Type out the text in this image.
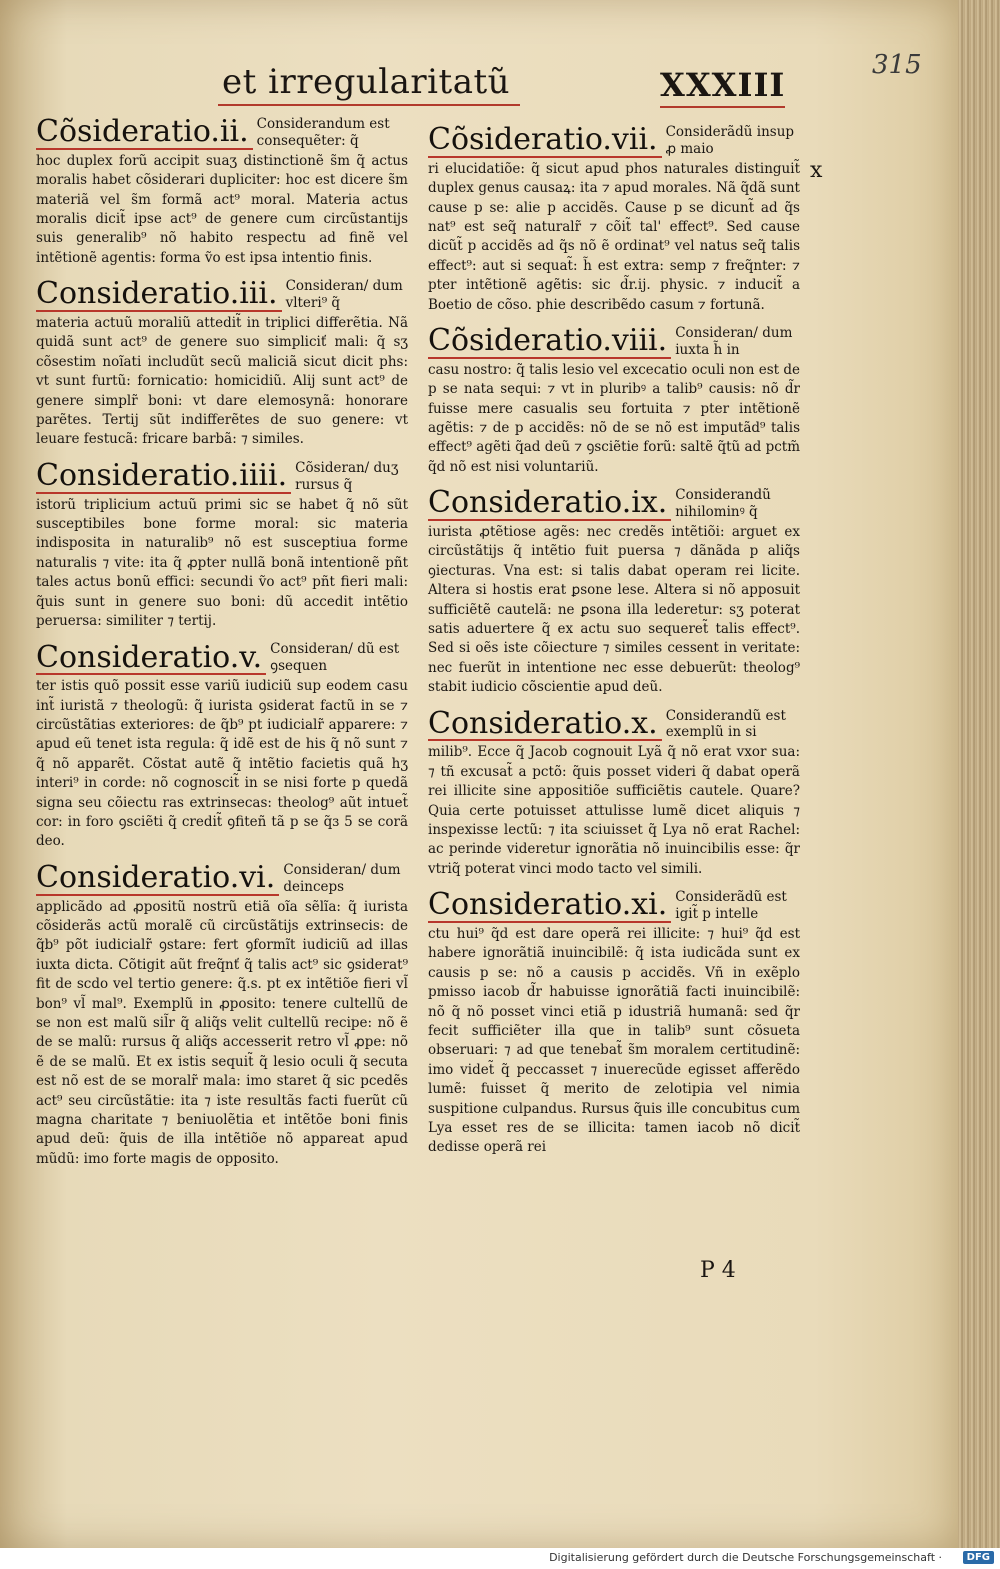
et irregularitatũ	XXXIII
315
x
Cõsideratio.ii. Considerandum est consequẽter: q̃

hoc duplex forũ accipit suaʒ distinctionẽ s̃m q̃ actus moralis habet cõsiderari dupliciter: hoc est dicere s̃m materiã vel s̃m formã act⁹ moral. Materia actus moralis dicit̃ ipse act⁹ de genere cum circũstantijs suis generalib⁹ nõ habito respectu ad finẽ vel intẽtionẽ agentis: forma ṽo est ipsa intentio finis.

Consideratio.iii. Consideran/ dum vlteri⁹ q̃

materia actuũ moraliũ attedit̃ in triplici differẽtia. Nã quidã sunt act⁹ de genere suo simpliciť mali: q̃ sʒ cõsestim noĩati includũt secũ maliciã sicut dicit phs: vt sunt furtũ: fornicatio: homicidiũ. Alij sunt act⁹ de genere simplr̃ boni: vt dare elemosynã: honorare parẽtes. Tertij sũt indifferẽtes de suo genere: vt leuare festucã: fricare barbã: ⁊ similes.

Consideratio.iiii. Cõsideran/ duʒ rursus q̃

istorũ triplicium actuũ primi sic se habet q̃ nõ sũt susceptibiles bone forme moral: sic materia indisposita in naturalib⁹ nõ est susceptiua forme naturalis ⁊ vite: ita q̃ ꝓpter nullã bonã intentionẽ pñt tales actus bonũ effici: secundi ṽo act⁹ pñt fieri mali: q̃uis sunt in genere suo boni: dũ accedit intẽtio peruersa: similiter ⁊ tertij.

Consideratio.v. Consideran/ dũ est ꝯsequen

ter istis quõ possit esse variũ iudiciũ sup eodem casu int̃ iuristã ⁊ theologũ: q̃ iurista ꝯsiderat factũ in se ⁊ circũstãtias exteriores: de q̃b⁹ pt iudicialr̃ apparere: ⁊ apud eũ tenet ista regula: q̃ idẽ est de his q̃ nõ sunt ⁊ q̃ nõ apparẽt. Cõstat autẽ q̃ intẽtio facietis quã hʒ interi⁹ in corde: nõ cognoscit̃ in se nisi forte p quedã signa seu cõiectu ras extrinsecas: theolog⁹ aũt intuet̃ cor: in foro ꝯsciẽti q̃ credit̃ ꝯfiteñ tã p se q̃ɜ 5 se corã deo.

Consideratio.vi. Consideran/ dum deinceps

applicãdo ad ꝓpositũ nostrũ etiã oĩa sẽlĩa: q̃ iurista cõsiderãs actũ moralẽ cũ circũstãtijs extrinsecis: de q̃b⁹ põt iudicialr̃ ꝯstare: fert ꝯformĩt iudiciũ ad illas iuxta dicta. Cõtigit aũt freq̃nť q̃ talis act⁹ sic ꝯsiderat⁹ fit de scdo vel tertio genere: q̃.s. pt ex intẽtiõe fieri vl̃ bon⁹ vl̃ mal⁹. Exemplũ in ꝓposito: tenere cultellũ de se non est malũ sil̃r q̃ aliq̃s velit cultellũ recipe: nõ ẽ de se malũ: rursus q̃ aliq̃s accesserit retro vl̃ ꝓpe: nõ ẽ de se malũ. Et ex istis sequit̃ q̃ lesio oculi q̃ secuta est nõ est de se moralr̃ mala: imo staret q̃ sic pcedẽs act⁹ seu circũstãtie: ita ⁊ iste resultãs facti fuerũt cũ magna charitate ⁊ beniuolẽtia et intẽtõe boni finis apud deũ: q̃uis de illa intẽtiõe nõ appareat apud mũdũ: imo forte magis de opposito.

Cõsideratio.vii. Considerãdũ insup ꝓ maio

ri elucidatiõe: q̃ sicut apud phos naturales distinguit̃ duplex genus causaꝝ: ita ⁊ apud morales. Nã q̃dã sunt cause p se: alie p accidẽs. Cause p se dicunt̃ ad q̃s nat⁹ est seq̃ naturalr̃ ⁊ cõit̃ tal' effect⁹. Sed cause dicũt̃ p accidẽs ad q̃s nõ ẽ ordinat⁹ vel natus seq̃ talis effect⁹: aut si sequat̃: h̃ est extra: semp ⁊ freq̃nter: ⁊ pter intẽtionẽ agẽtis: sic d̃r.ij. physic. ⁊ inducit̃ a Boetio de cõso. phie describẽdo casum ⁊ fortunã.

Cõsideratio.viii. Consideran/ dum iuxta h̃ in

casu nostro: q̃ talis lesio vel excecatio oculi non est de p se nata sequi: ⁊ vt in pluribꝰ a talib⁹ causis: nõ d̃r fuisse mere casualis seu fortuita ⁊ pter intẽtionẽ agẽtis: ⁊ de p accidẽs: nõ de se nõ est imputãd⁹ talis effect⁹ agẽti q̃ad deũ ⁊ ꝯsciẽtie forũ: saltẽ q̃tũ ad pctm̃ q̃d nõ est nisi voluntariũ.

Consideratio.ix. Considerandũ nihilominꝰ q̃

iurista ꝓtẽtiose agẽs: nec credẽs intẽtiõi: arguet ex circũstãtijs q̃ intẽtio fuit puersa ⁊ dãnãda p aliq̃s ꝯiecturas. Vna est: si talis dabat operam rei licite. Altera si hostis erat ꝑsone lese. Altera si nõ apposuit sufficiẽtẽ cautelã: ne ꝑsona illa lederetur: sʒ poterat satis aduertere q̃ ex actu suo sequeret̃ talis effect⁹. Sed si oẽs iste cõiecture ⁊ similes cessent in veritate: nec fuerũt in intentione nec esse debuerũt: theolog⁹ stabit iudicio cõscientie apud deũ.

Consideratio.x. Considerandũ est exemplũ in si

milib⁹. Ecce q̃ Jacob cognouit Lyã q̃ nõ erat vxor sua: ⁊ tñ excusat̃ a pctõ: q̃uis posset videri q̃ dabat operã rei illicite sine appositiõe sufficiẽtis cautele. Quare? Quia certe potuisset attulisse lumẽ dicet aliquis ⁊ inspexisse lectũ: ⁊ ita sciuisset q̃ Lya nõ erat Rachel: ac perinde videretur ignorãtia nõ inuincibilis esse: q̃r vtriq̃ poterat vinci modo tacto vel simili.

Consideratio.xi. Considerãdũ est igit̃ p intelle

ctu hui⁹ q̃d est dare operã rei illicite: ⁊ hui⁹ q̃d est habere ignorãtiã inuincibilẽ: q̃ ista iudicãda sunt ex causis p se: nõ a causis p accidẽs. Vñ in exẽplo pmisso iacob d̃r habuisse ignorãtiã facti inuincibilẽ: nõ q̃ nõ posset vinci etiã p idustriã humanã: sed q̃r fecit sufficiẽter illa que in talib⁹ sunt cõsueta obseruari: ⁊ ad que tenebat̃ s̃m moralem certitudinẽ: imo videt̃ q̃ peccasset ⁊ inuerecũde egisset afferẽdo lumẽ: fuisset q̃ merito de zelotipia vel nimia suspitione culpandus. Rursus q̃uis ille concubitus cum Lya esset res de se illicita: tamen iacob nõ dicit̃ dedisse operã rei

P 4
Digitalisierung gefördert durch die Deutsche Forschungsgemeinschaft ·	DFG
